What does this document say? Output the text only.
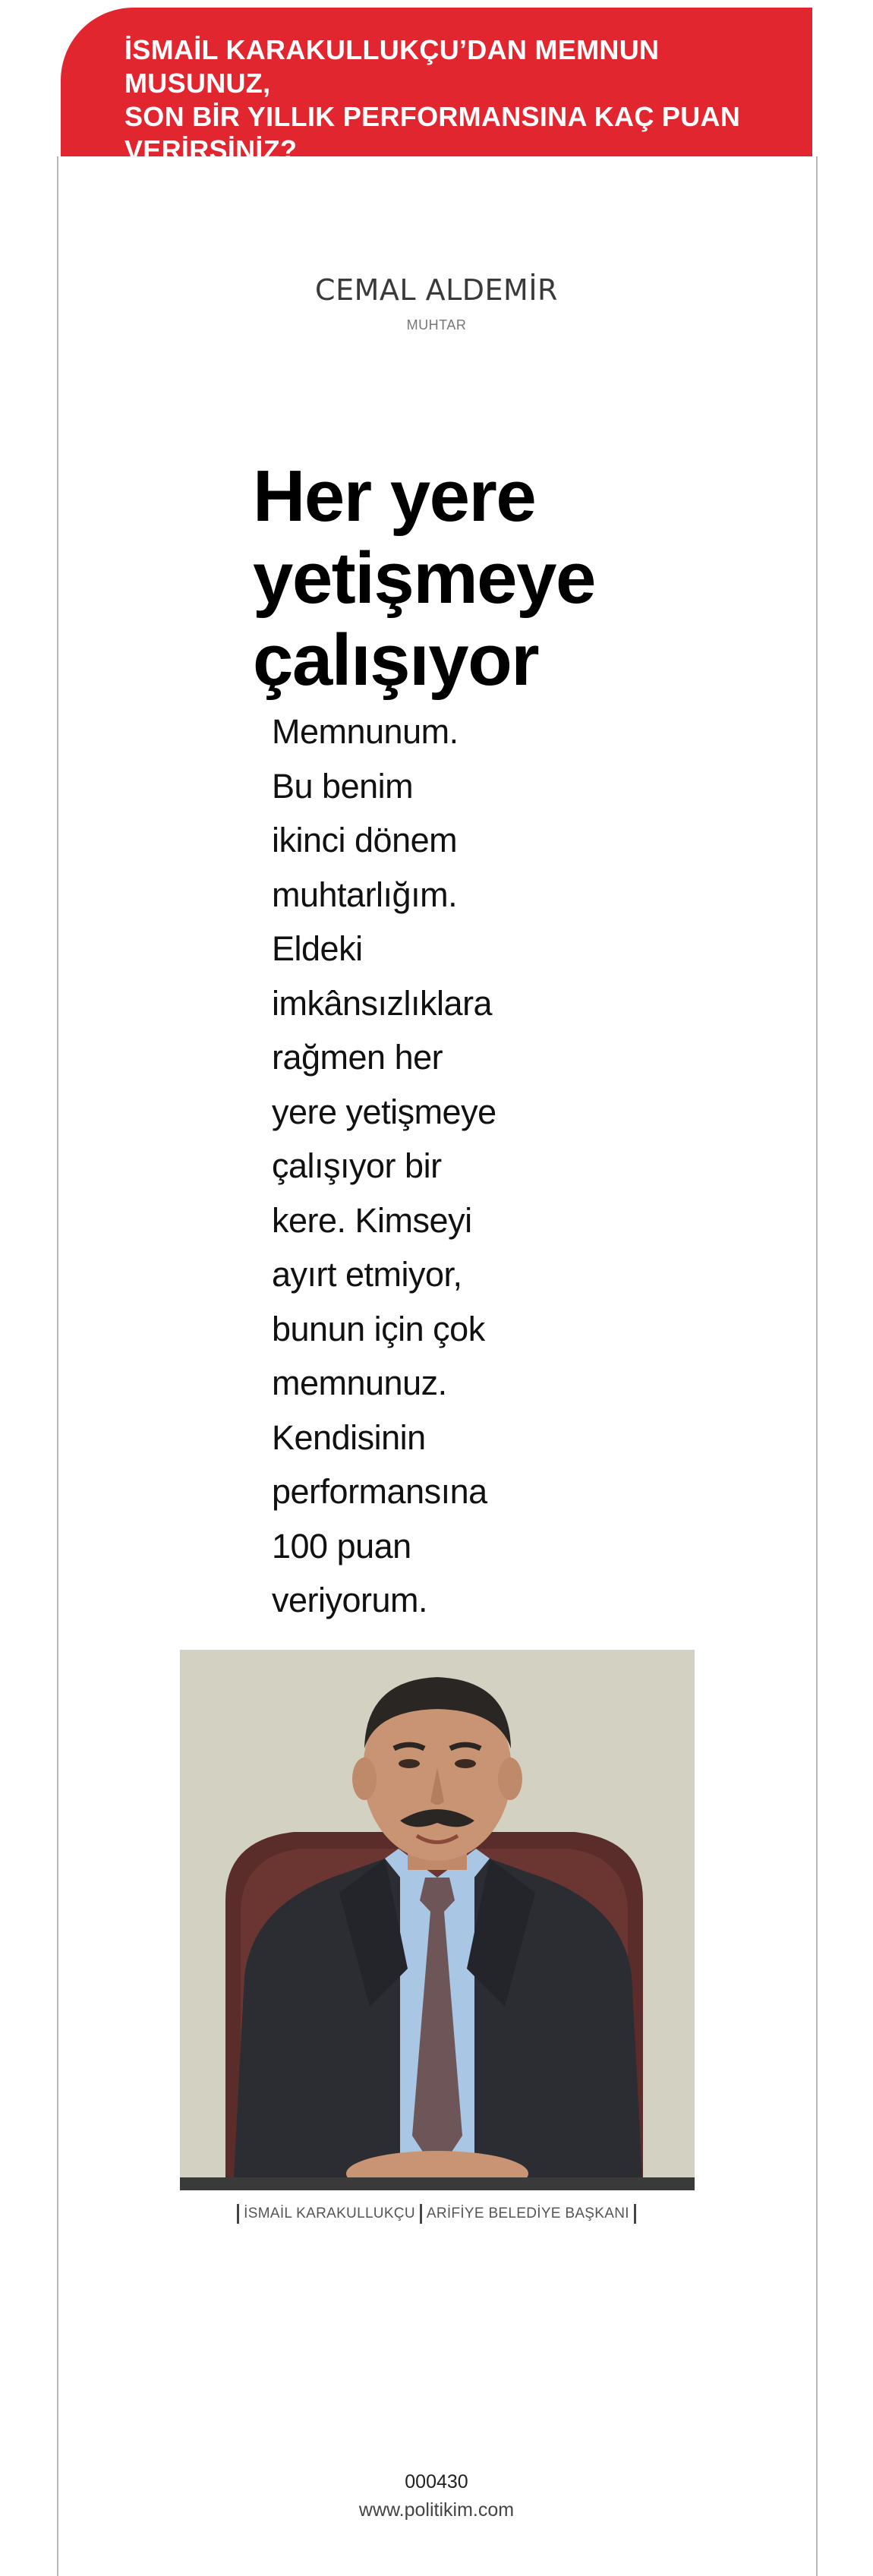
İSMAİL KARAKULLUKÇU’DAN MEMNUN MUSUNUZ,
SON BİR YILLIK PERFORMANSINA KAÇ PUAN
VERİRSİNİZ?
CEMAL ALDEMİR
MUHTAR
Her yere
yetişmeye
çalışıyor
Memnunum.
Bu benim
ikinci dönem
muhtarlığım.
Eldeki
imkânsızlıklara
rağmen her
yere yetişmeye
çalışıyor bir
kere. Kimseyi
ayırt etmiyor,
bunun için çok
memnunuz.
Kendisinin
performansına
100 puan
veriyorum.
İSMAİL KARAKULLUKÇU ARİFİYE BELEDİYE BAŞKANI
000430
www.politikim.com
